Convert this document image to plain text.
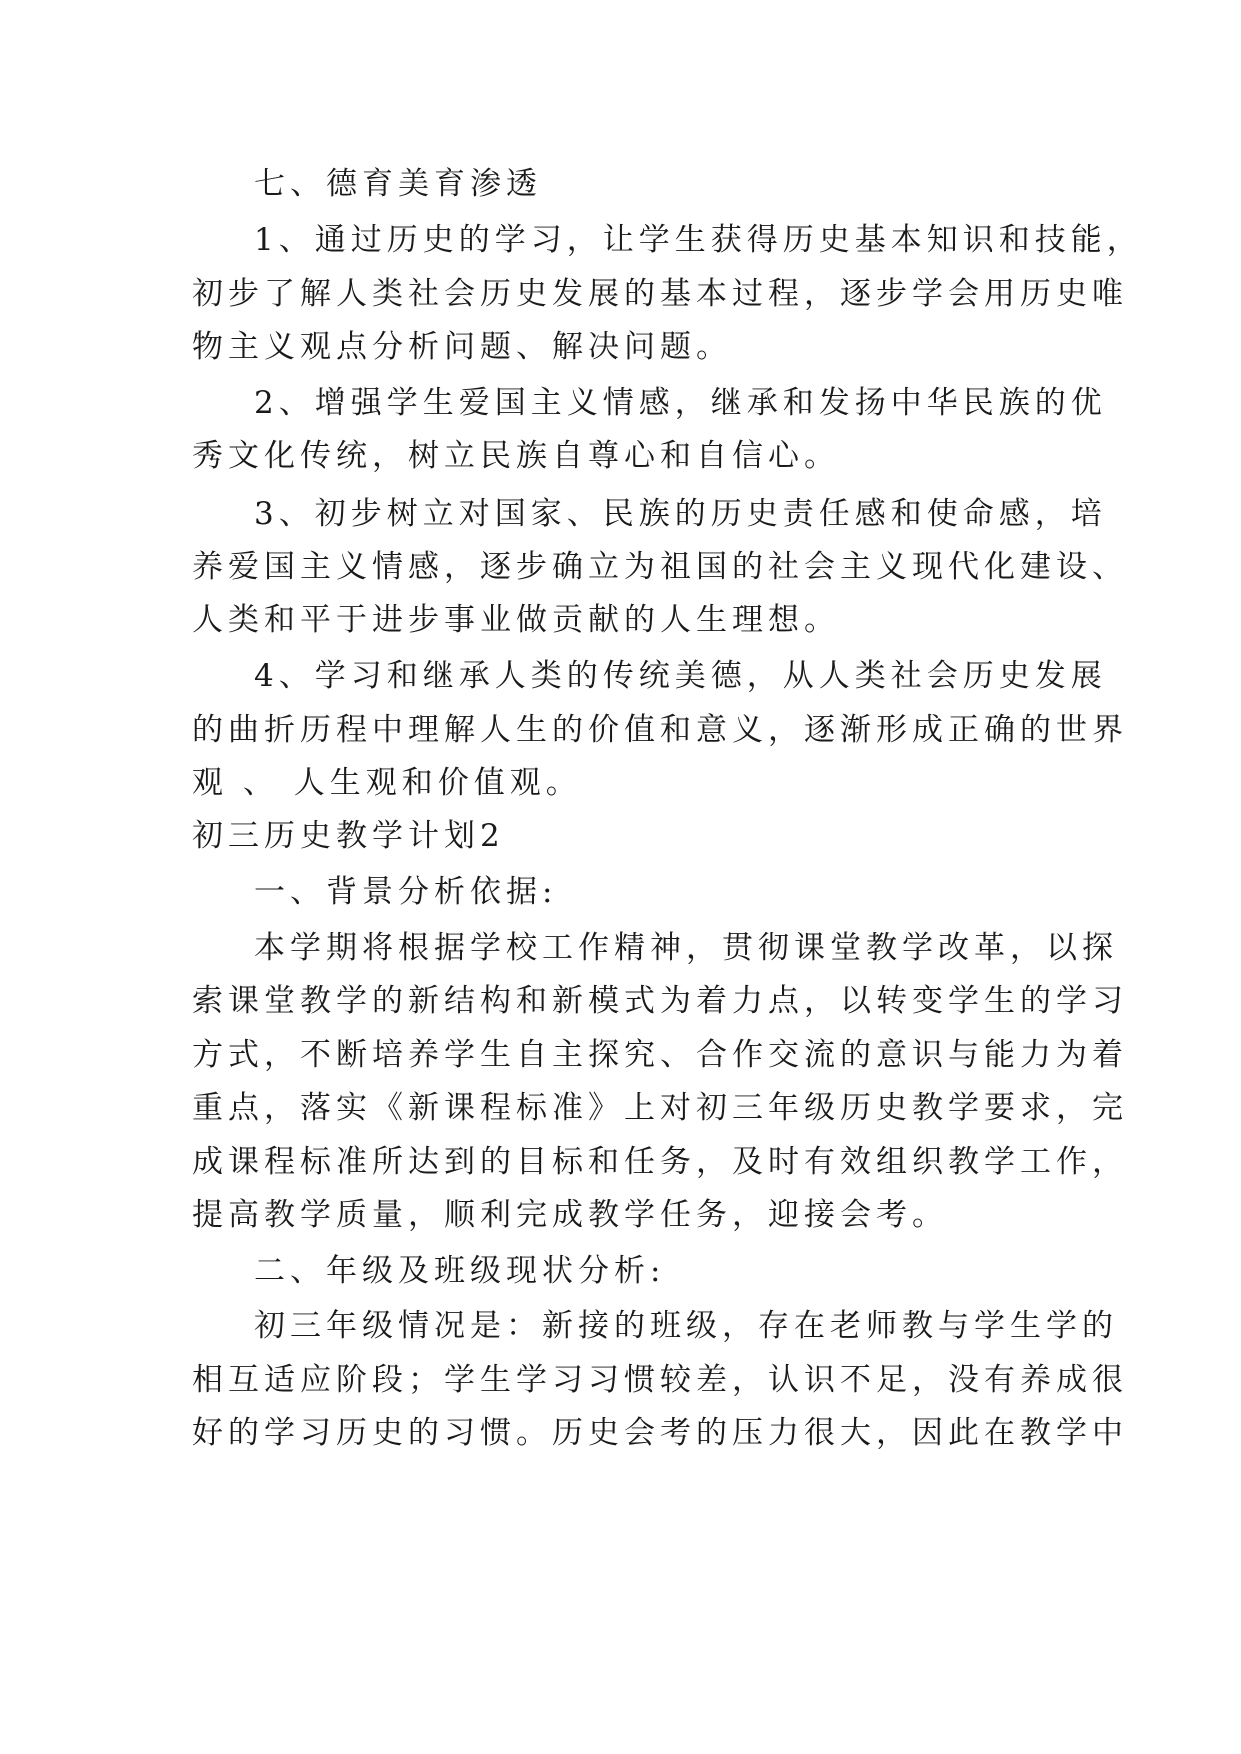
七、德育美育渗透
1、通过历史的学习，让学生获得历史基本知识和技能，
初步了解人类社会历史发展的基本过程，逐步学会用历史唯
物主义观点分析问题、解决问题。
2、增强学生爱国主义情感，继承和发扬中华民族的优
秀文化传统，树立民族自尊心和自信心。
3、初步树立对国家、民族的历史责任感和使命感，培
养爱国主义情感，逐步确立为祖国的社会主义现代化建设、
人类和平于进步事业做贡献的人生理想。
4、学习和继承人类的传统美德，从人类社会历史发展
的曲折历程中理解人生的价值和意义，逐渐形成正确的世界
观 、 人生观和价值观。
初三历史教学计划2
一、背景分析依据:
本学期将根据学校工作精神，贯彻课堂教学改革，以探
索课堂教学的新结构和新模式为着力点，以转变学生的学习
方式，不断培养学生自主探究、合作交流的意识与能力为着
重点，落实《新课程标准》上对初三年级历史教学要求，完
成课程标准所达到的目标和任务，及时有效组织教学工作，
提高教学质量，顺利完成教学任务，迎接会考。
二、年级及班级现状分析:
初三年级情况是：新接的班级，存在老师教与学生学的
相互适应阶段；学生学习习惯较差，认识不足，没有养成很
好的学习历史的习惯。历史会考的压力很大，因此在教学中
